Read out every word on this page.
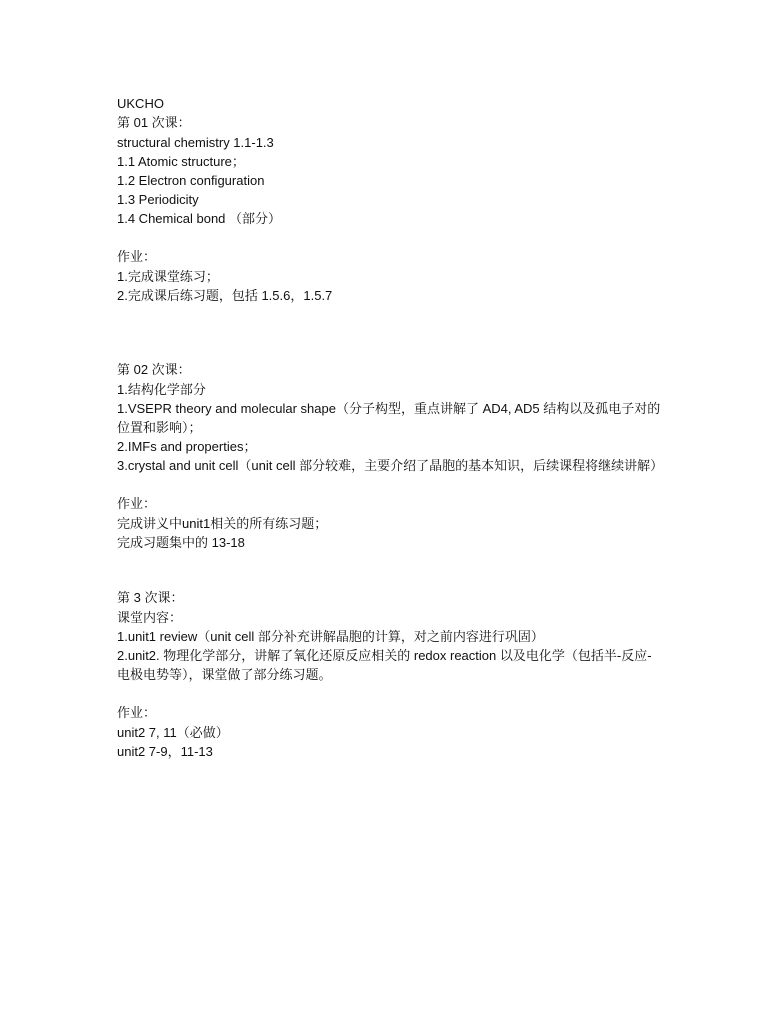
UKCHO
第 01 次课：
structural chemistry 1.1-1.3
1.1 Atomic structure；
1.2 Electron configuration
1.3 Periodicity
1.4 Chemical bond （部分）
作业：
1.完成课堂练习；
2.完成课后练习题，包括 1.5.6，1.5.7
第 02 次课：
1.结构化学部分
1.VSEPR theory and molecular shape（分子构型，重点讲解了 AD4, AD5 结构以及孤电子对的位置和影响）；
2.IMFs and properties；
3.crystal and unit cell（unit cell 部分较难，主要介绍了晶胞的基本知识，后续课程将继续讲解）
作业：
完成讲义中unit1相关的所有练习题；
完成习题集中的 13-18
第 3 次课：
课堂内容：
1.unit1 review（unit cell 部分补充讲解晶胞的计算，对之前内容进行巩固）
2.unit2. 物理化学部分，讲解了氧化还原反应相关的 redox reaction 以及电化学（包括半-反应-电极电势等），课堂做了部分练习题。
作业：
unit2 7, 11（必做）
unit2 7-9，11-13
